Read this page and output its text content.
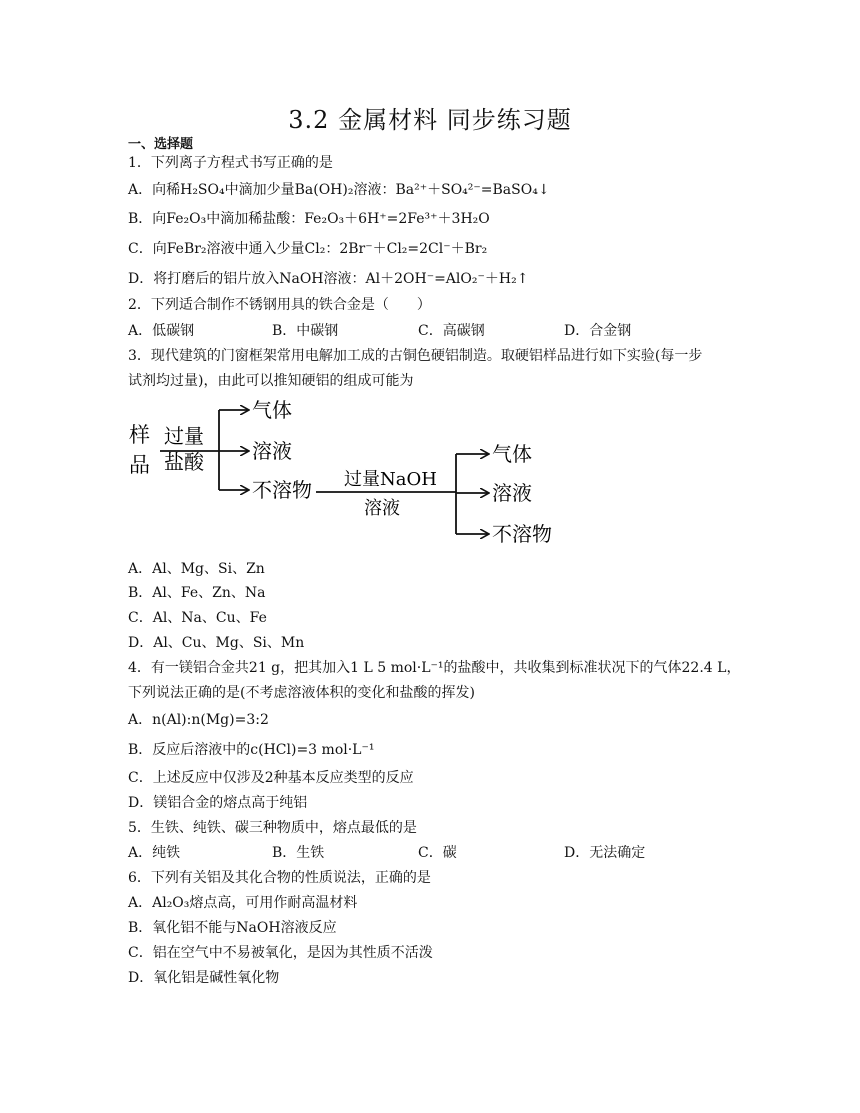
3.2 金属材料 同步练习题
一、选择题
1．下列离子方程式书写正确的是
A．向稀H₂SO₄中滴加少量Ba(OH)₂溶液：Ba²⁺＋SO₄²⁻=BaSO₄↓
B．向Fe₂O₃中滴加稀盐酸：Fe₂O₃＋6H⁺=2Fe³⁺＋3H₂O
C．向FeBr₂溶液中通入少量Cl₂：2Br⁻＋Cl₂=2Cl⁻＋Br₂
D．将打磨后的铝片放入NaOH溶液：Al＋2OH⁻=AlO₂⁻＋H₂↑
2．下列适合制作不锈钢用具的铁合金是（　　）
A．低碳钢	B．中碳钢	C．高碳钢	D．合金钢
3．现代建筑的门窗框架常用电解加工成的古铜色硬铝制造。取硬铝样品进行如下实验(每一步
试剂均过量)，由此可以推知硬铝的组成可能为
样
品
过量
盐酸
气体
溶液
不溶物 过量NaOH
溶液
气体
溶液
不溶物
A．Al、Mg、Si、Zn
B．Al、Fe、Zn、Na
C．Al、Na、Cu、Fe
D．Al、Cu、Mg、Si、Mn
4．有一镁铝合金共21 g，把其加入1 L 5 mol·L⁻¹的盐酸中，共收集到标准状况下的气体22.4 L，
下列说法正确的是(不考虑溶液体积的变化和盐酸的挥发)
A．n(Al):n(Mg)=3:2
B．反应后溶液中的c(HCl)=3 mol·L⁻¹
C．上述反应中仅涉及2种基本反应类型的反应
D．镁铝合金的熔点高于纯铝
5．生铁、纯铁、碳三种物质中，熔点最低的是
A．纯铁	B．生铁	C．碳	D．无法确定
6．下列有关铝及其化合物的性质说法，正确的是
A．Al₂O₃熔点高，可用作耐高温材料
B．氧化铝不能与NaOH溶液反应
C．铝在空气中不易被氧化，是因为其性质不活泼
D．氧化铝是碱性氧化物
